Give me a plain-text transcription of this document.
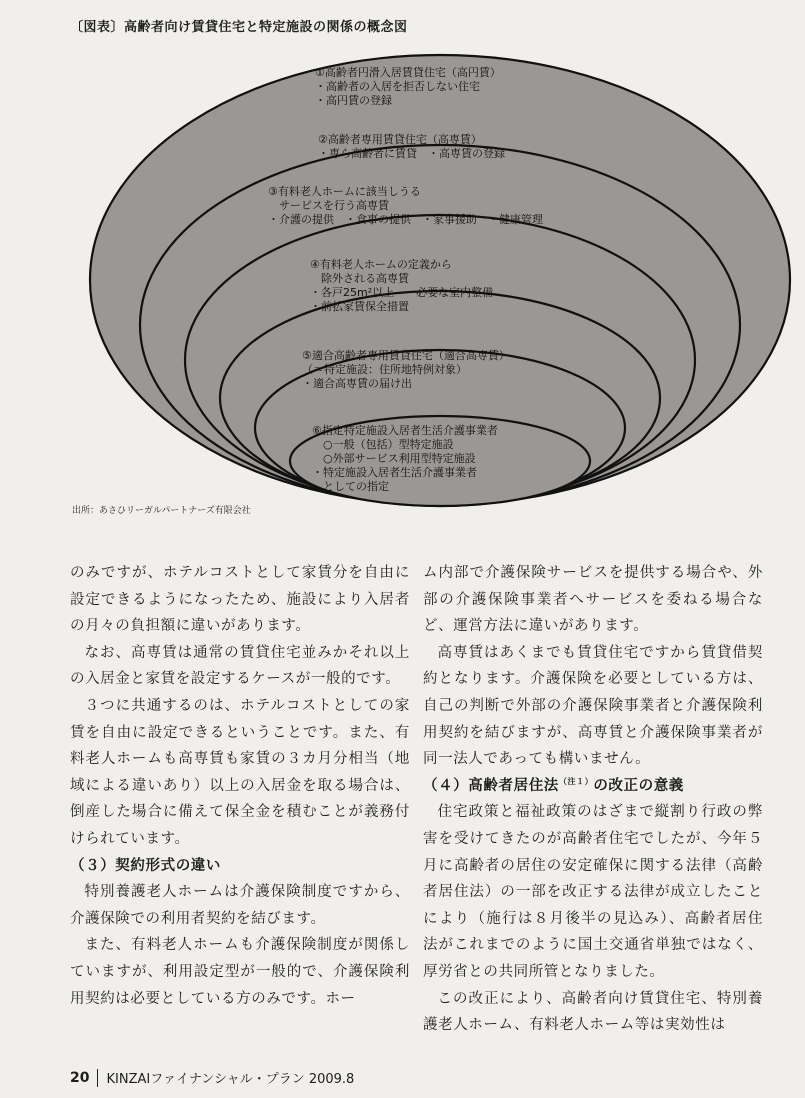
〔図表〕高齢者向け賃貸住宅と特定施設の関係の概念図
①高齢者円滑入居賃貸住宅（高円賃）
・高齢者の入居を拒否しない住宅
・高円賃の登録
②高齢者専用賃貸住宅（高専賃）
・専ら高齢者に賃貸　・高専賃の登録
③有料老人ホームに該当しうる
　サービスを行う高専賃
・介護の提供　・食事の提供　・家事援助　・健康管理
④有料老人ホームの定義から
　除外される高専賃
・各戸25m²以上　・必要な室内整備
・前払家賃保全措置
⑤適合高齢者専用賃貸住宅（適合高専賃）
（＝特定施設：住所地特例対象）
・適合高専賃の届け出
⑥指定特定施設入居者生活介護事業者
　○一般（包括）型特定施設
　○外部サービス利用型特定施設
・特定施設入居者生活介護事業者
　としての指定
出所：あさひリーガルパートナーズ有限会社

のみですが、ホテルコストとして家賃分を自由に設定できるようになったため、施設により入居者の月々の負担額に違いがあります。

なお、高専賃は通常の賃貸住宅並みかそれ以上の入居金と家賃を設定するケースが一般的です。

３つに共通するのは、ホテルコストとしての家賃を自由に設定できるということです。また、有料老人ホームも高専賃も家賃の３カ月分相当（地域による違いあり）以上の入居金を取る場合は、倒産した場合に備えて保全金を積むことが義務付けられています。

（３）契約形式の違い

特別養護老人ホームは介護保険制度ですから、介護保険での利用者契約を結びます。

また、有料老人ホームも介護保険制度が関係していますが、利用設定型が一般的で、介護保険利用契約は必要としている方のみです。ホー

ム内部で介護保険サービスを提供する場合や、外部の介護保険事業者へサービスを委ねる場合など、運営方法に違いがあります。

高専賃はあくまでも賃貸住宅ですから賃貸借契約となります。介護保険を必要としている方は、自己の判断で外部の介護保険事業者と介護保険利用契約を結びますが、高専賃と介護保険事業者が同一法人であっても構いません。

（４）高齢者居住法$^{(注1)}$の改正の意義

住宅政策と福祉政策のはざまで縦割り行政の弊害を受けてきたのが高齢者住宅でしたが、今年５月に高齢者の居住の安定確保に関する法律（高齢者居住法）の一部を改正する法律が成立したことにより（施行は８月後半の見込み）、高齢者居住法がこれまでのように国土交通省単独ではなく、厚労省との共同所管となりました。

この改正により、高齢者向け賃貸住宅、特別養護老人ホーム、有料老人ホーム等は実効性は

20 KINZAIファイナンシャル・プラン 2009.8
